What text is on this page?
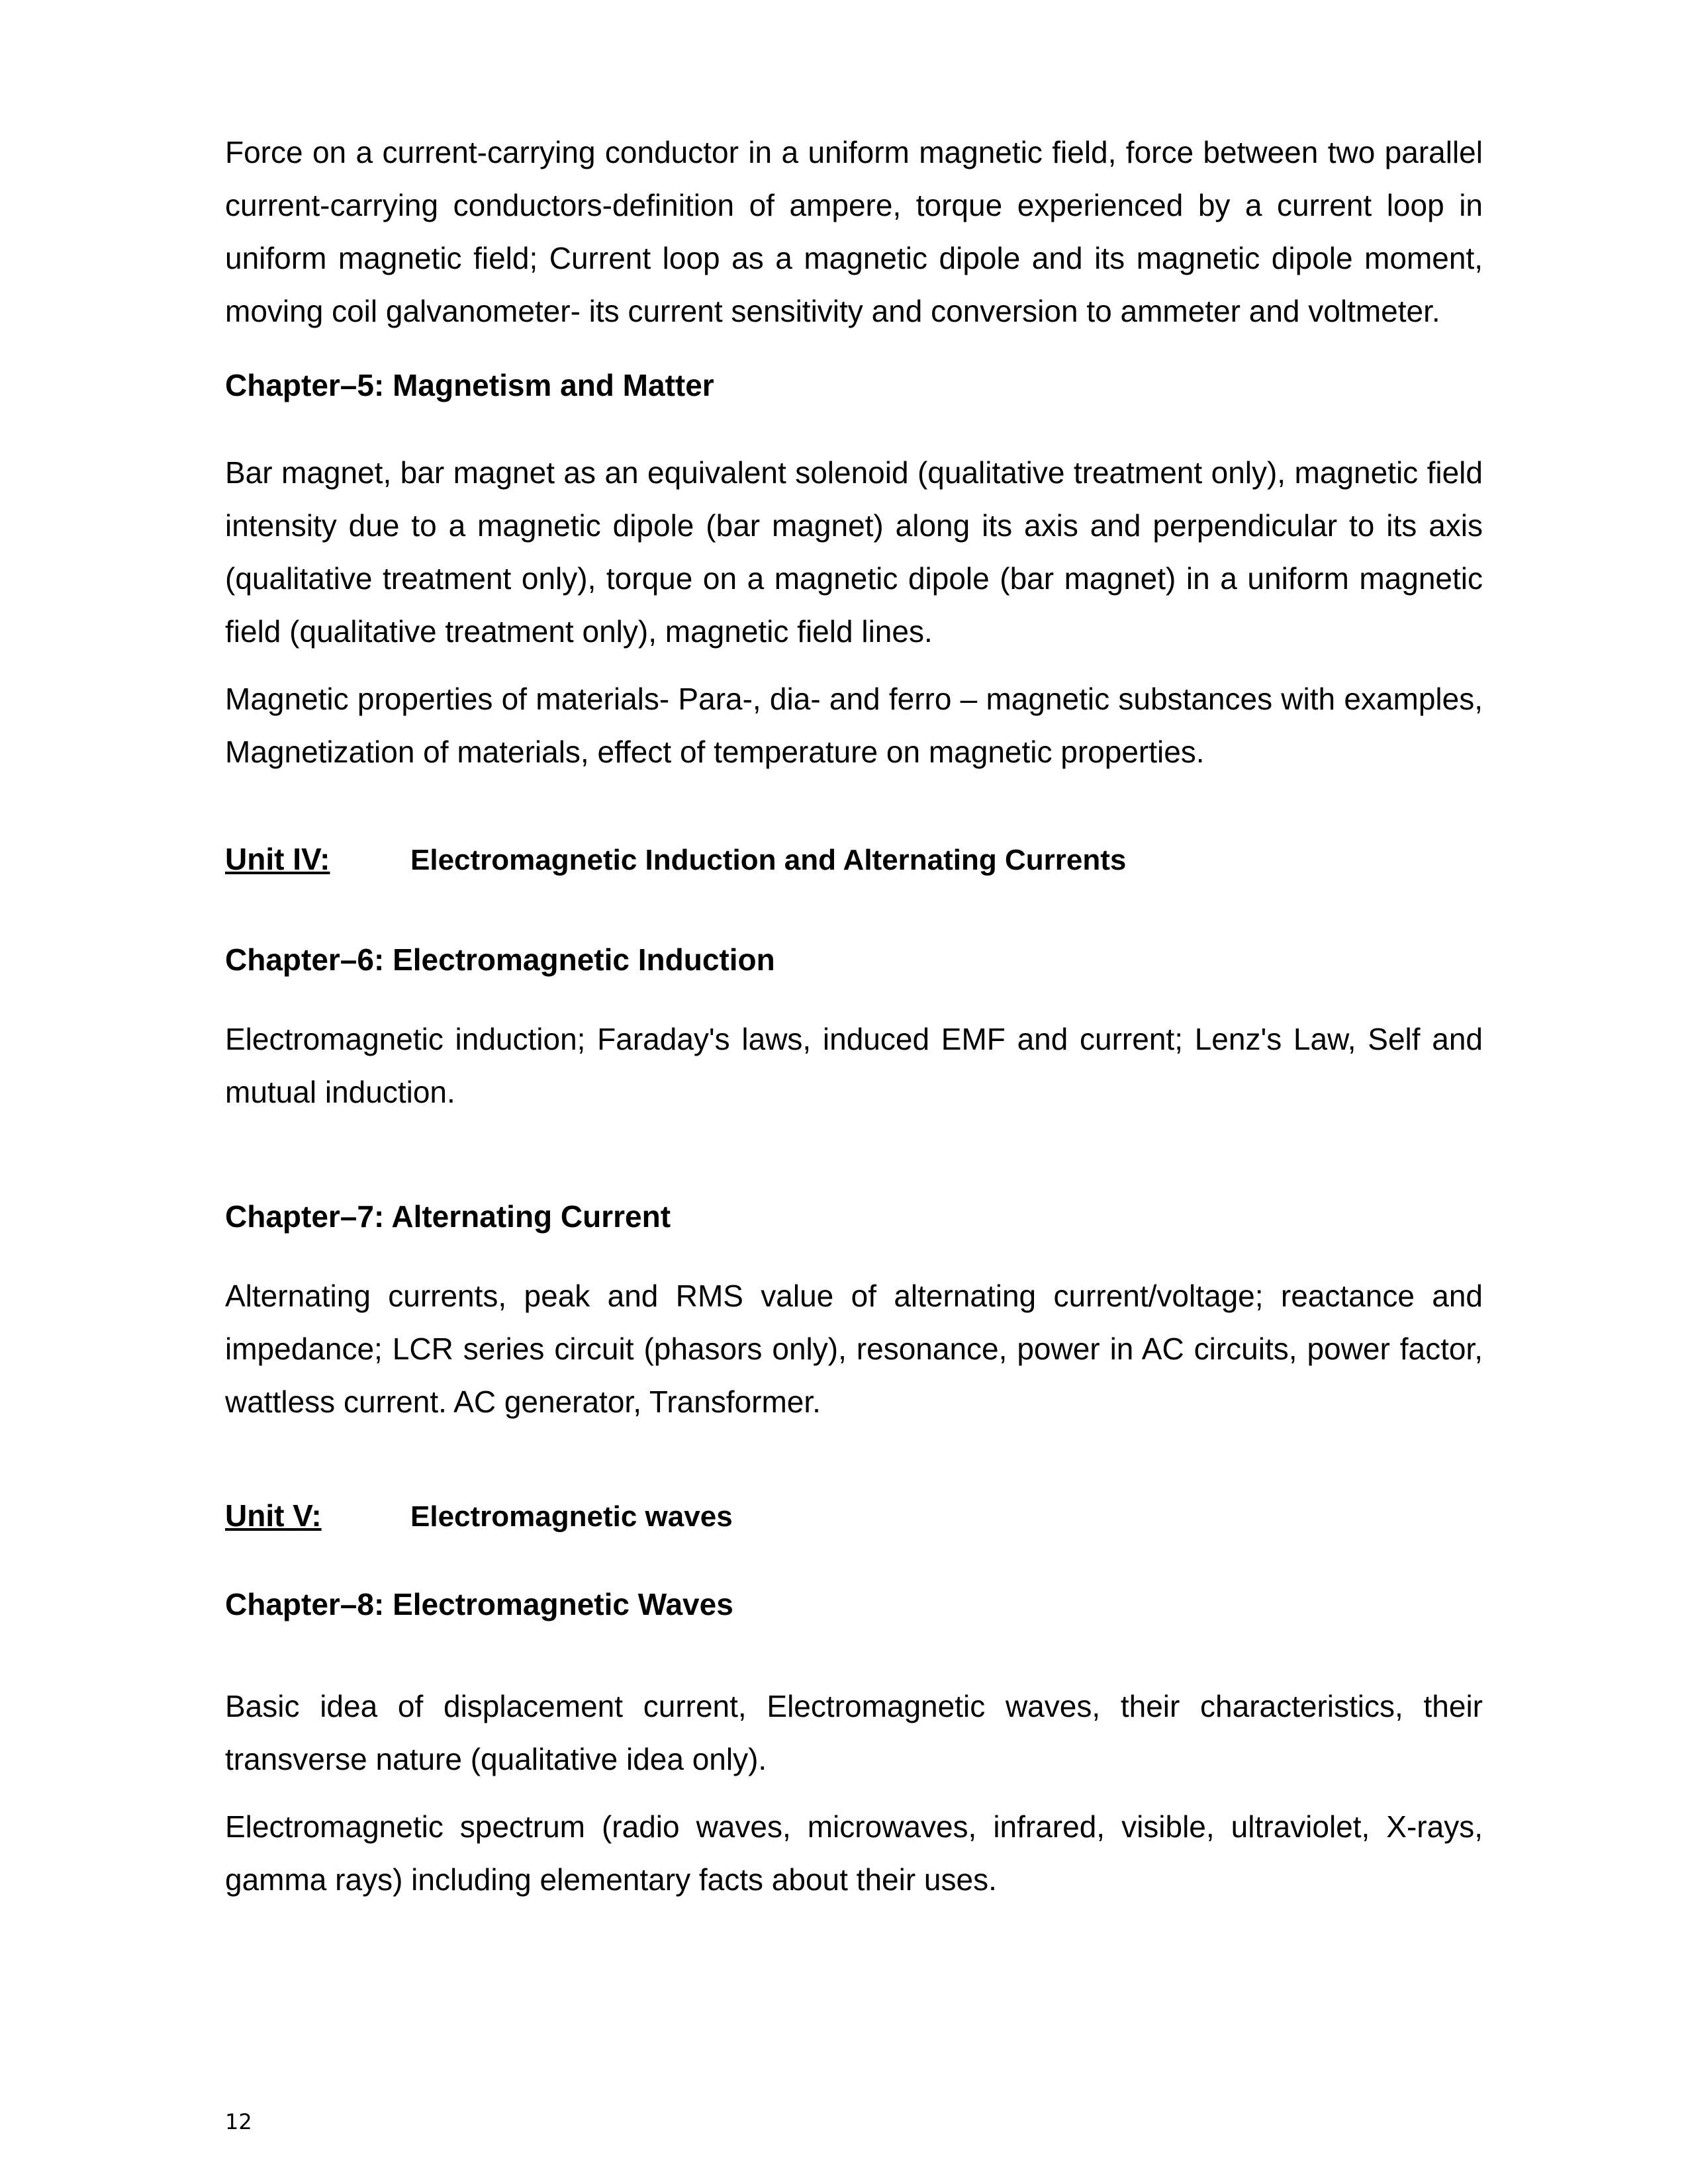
Force on a current-carrying conductor in a uniform magnetic field, force between two parallel current-carrying conductors-definition of ampere, torque experienced by a current loop in uniform magnetic field; Current loop as a magnetic dipole and its magnetic dipole moment, moving coil galvanometer- its current sensitivity and conversion to ammeter and voltmeter.

Chapter–5: Magnetism and Matter

Bar magnet, bar magnet as an equivalent solenoid (qualitative treatment only), magnetic field intensity due to a magnetic dipole (bar magnet) along its axis and perpendicular to its axis (qualitative treatment only), torque on a magnetic dipole (bar magnet) in a uniform magnetic field (qualitative treatment only), magnetic field lines.

Magnetic properties of materials- Para-, dia- and ferro – magnetic substances with examples, Magnetization of materials, effect of temperature on magnetic properties.

Unit IV:	Electromagnetic Induction and Alternating Currents
Chapter–6: Electromagnetic Induction

Electromagnetic induction; Faraday's laws, induced EMF and current; Lenz's Law, Self and mutual induction.

Chapter–7: Alternating Current

Alternating currents, peak and RMS value of alternating current/voltage; reactance and impedance; LCR series circuit (phasors only), resonance, power in AC circuits, power factor, wattless current. AC generator, Transformer.

Unit V:	Electromagnetic waves
Chapter–8: Electromagnetic Waves

Basic idea of displacement current, Electromagnetic waves, their characteristics, their transverse nature (qualitative idea only).

Electromagnetic spectrum (radio waves, microwaves, infrared, visible, ultraviolet, X-rays, gamma rays) including elementary facts about their uses.

12
